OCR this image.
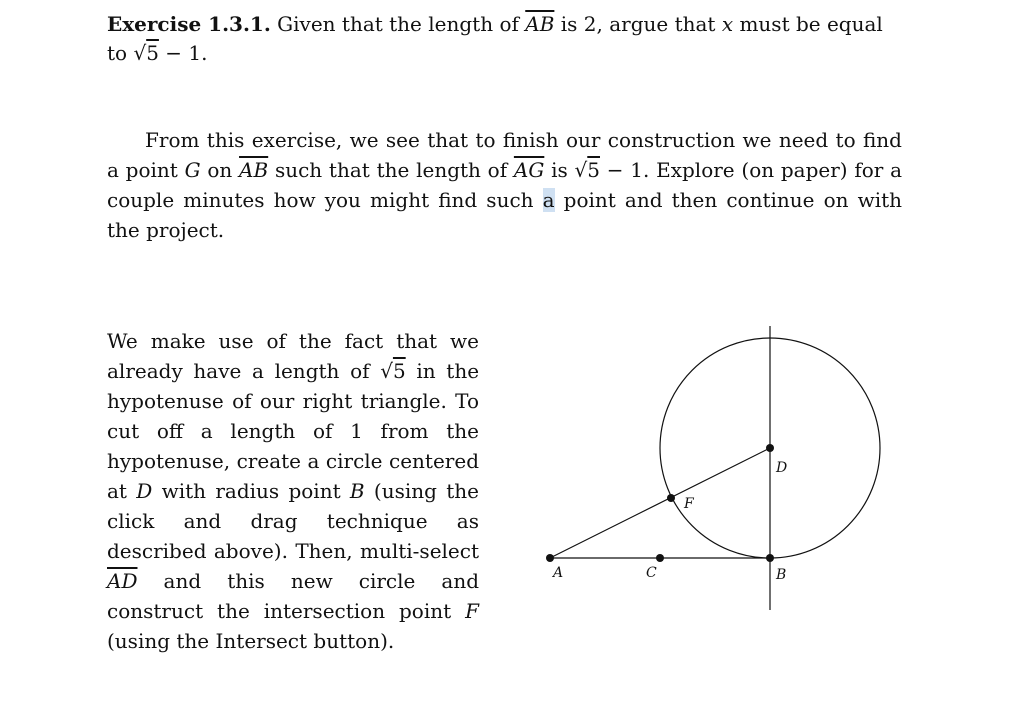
Exercise 1.3.1. Given that the length of $\overline{AB}$ is 2, argue that x must be equal to √5 − 1.
From this exercise, we see that to finish our construction we need to find a point G on $\overline{AB}$ such that the length of $\overline{AG}$ is √5 − 1. Explore (on paper) for a couple minutes how you might find such a point and then continue on with the project.
We make use of the fact that we already have a length of √5 in the hypotenuse of our right triangle. To cut off a length of 1 from the hypotenuse, create a circle centered at D with radius point B (using the click and drag technique as described above). Then, multi-select $\overline{AD}$ and this new circle and construct the intersection point F (using the Intersect button).
A	C	B
D
F
